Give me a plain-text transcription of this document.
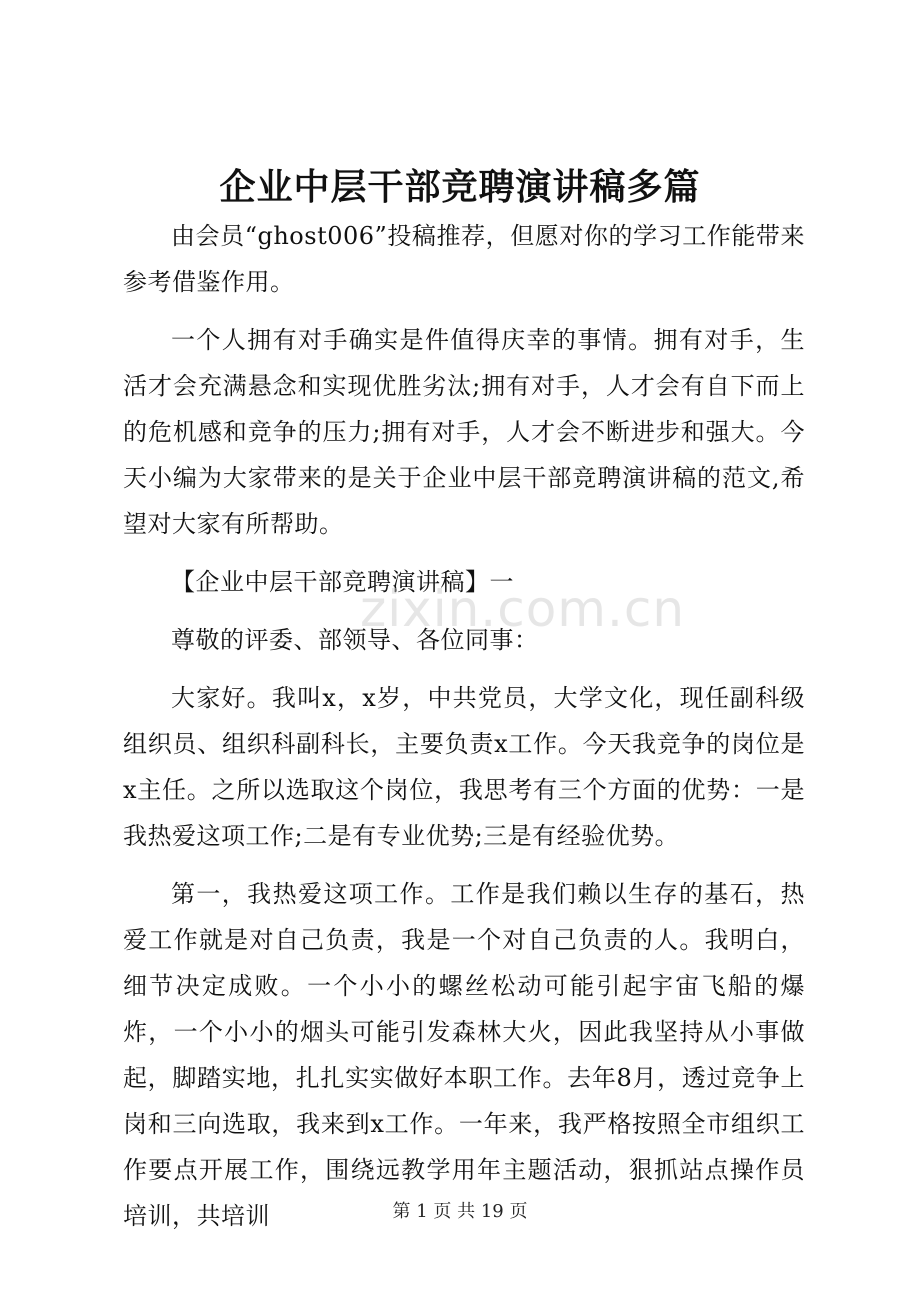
企业中层干部竞聘演讲稿多篇

由会员“ghost006”投稿推荐，但愿对你的学习工作能带来参考借鉴作用。

一个人拥有对手确实是件值得庆幸的事情。拥有对手，生活才会充满悬念和实现优胜劣汰;拥有对手，人才会有自下而上的危机感和竞争的压力;拥有对手，人才会不断进步和强大。今天小编为大家带来的是关于企业中层干部竞聘演讲稿的范文,希望对大家有所帮助。

【企业中层干部竞聘演讲稿】一

尊敬的评委、部领导、各位同事：

大家好。我叫x，x岁，中共党员，大学文化，现任副科级组织员、组织科副科长，主要负责x工作。今天我竞争的岗位是x主任。之所以选取这个岗位，我思考有三个方面的优势：一是我热爱这项工作;二是有专业优势;三是有经验优势。

第一，我热爱这项工作。工作是我们赖以生存的基石，热爱工作就是对自己负责，我是一个对自己负责的人。我明白，细节决定成败。一个小小的螺丝松动可能引起宇宙飞船的爆炸，一个小小的烟头可能引发森林大火，因此我坚持从小事做起，脚踏实地，扎扎实实做好本职工作。去年8月，透过竞争上岗和三向选取，我来到x工作。一年来，我严格按照全市组织工作要点开展工作，围绕远教学用年主题活动，狠抓站点操作员培训，共培训

zixin.com.cn
第 1 页 共 19 页
